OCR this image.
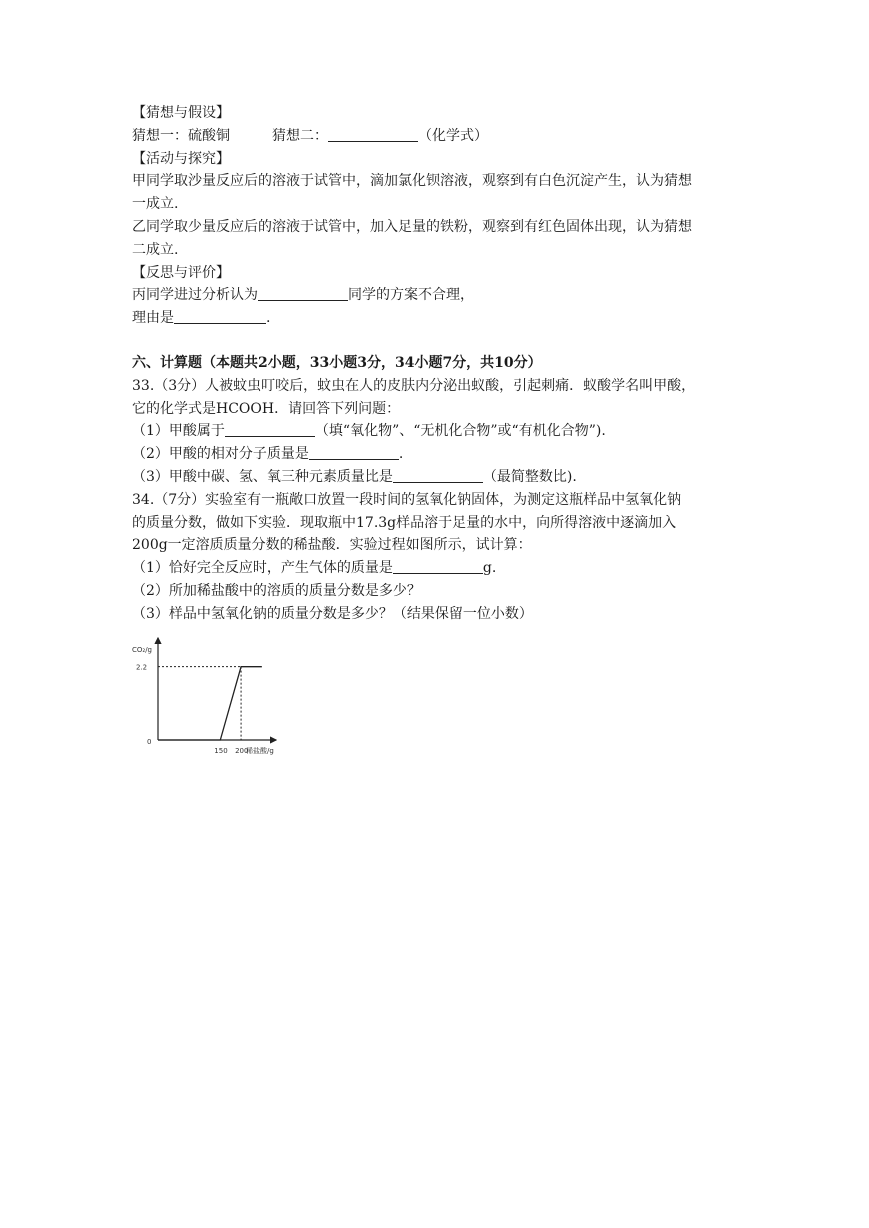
【猜想与假设】
猜想一：硫酸铜	猜想二：	（化学式）
【活动与探究】
甲同学取沙量反应后的溶液于试管中，滴加氯化钡溶液，观察到有白色沉淀产生，认为猜想
一成立.
乙同学取少量反应后的溶液于试管中，加入足量的铁粉，观察到有红色固体出现，认为猜想
二成立.
【反思与评价】
丙同学进过分析认为	同学的方案不合理，
理由是	.
六、计算题（本题共2小题，33小题3分，34小题7分，共10分）
33.（3分）人被蚊虫叮咬后，蚊虫在人的皮肤内分泌出蚁酸，引起刺痛．蚁酸学名叫甲酸，
它的化学式是HCOOH．请回答下列问题：
（1）甲酸属于	（填“氧化物”、“无机化合物”或“有机化合物”).
（2）甲酸的相对分子质量是	.
（3）甲酸中碳、氢、氧三种元素质量比是	（最简整数比).
34.（7分）实验室有一瓶敞口放置一段时间的氢氧化钠固体，为测定这瓶样品中氢氧化钠
的质量分数，做如下实验．现取瓶中17.3g样品溶于足量的水中，向所得溶液中逐滴加入
200g一定溶质质量分数的稀盐酸．实验过程如图所示，试计算：
（1）恰好完全反应时，产生气体的质量是	g.
（2）所加稀盐酸中的溶质的质量分数是多少？
（3）样品中氢氧化钠的质量分数是多少？（结果保留一位小数）
CO₂/g
稀盐酸/g
0
2.2
150 200
